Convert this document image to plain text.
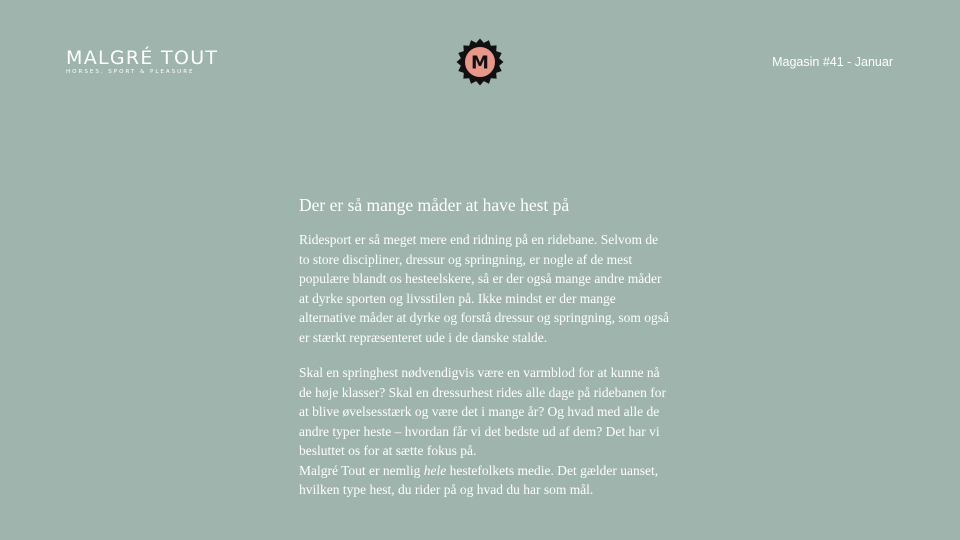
MALGRÉ TOUT
HORSES, SPORT & PLEASURE	M	Magasin #41 - Januar
Der er så mange måder at have hest på

Ridesport er så meget mere end ridning på en ridebane. Selvom de to store discipliner, dressur og springning, er nogle af de mest populære blandt os hesteelskere, så er der også mange andre måder at dyrke sporten og livsstilen på. Ikke mindst er der mange alternative måder at dyrke og forstå dressur og springning, som også er stærkt repræsenteret ude i de danske stalde.

Skal en springhest nødvendigvis være en varmblod for at kunne nå de høje klasser? Skal en dressurhest rides alle dage på ridebanen for at blive øvelsesstærk og være det i mange år? Og hvad med alle de andre typer heste – hvordan får vi det bedste ud af dem? Det har vi besluttet os for at sætte fokus på.

Malgré Tout er nemlig hele hestefolkets medie. Det gælder uanset, hvilken type hest, du rider på og hvad du har som mål.
